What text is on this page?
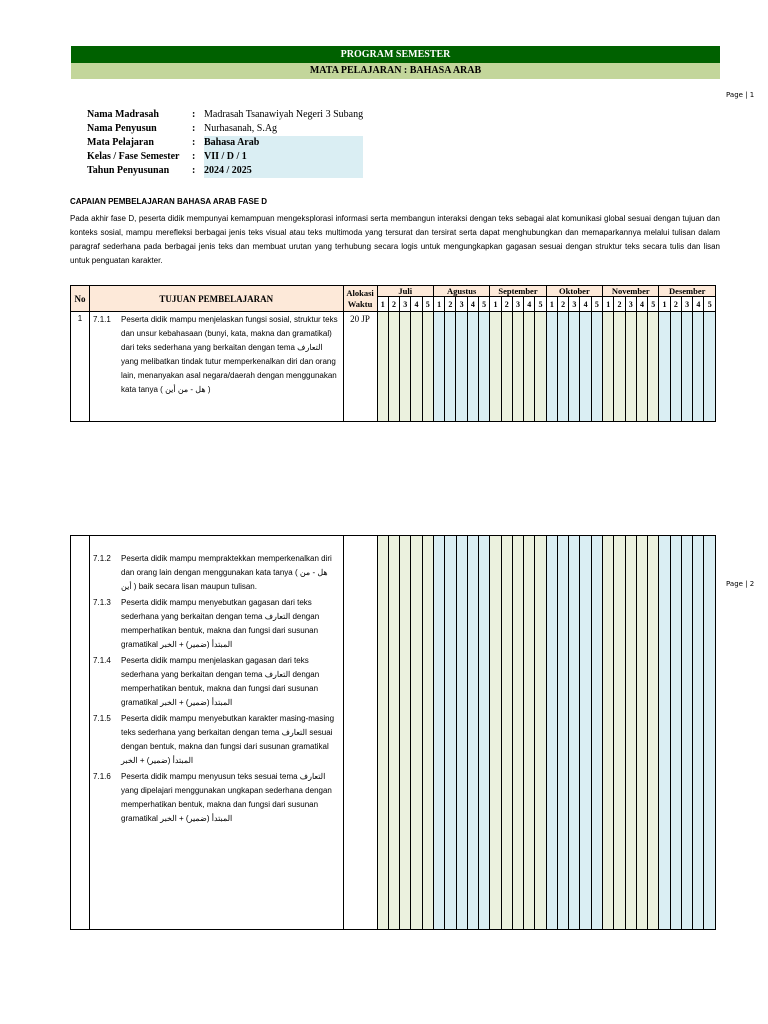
PROGRAM SEMESTER
MATA PELAJARAN : BAHASA ARAB
Page | 1
Nama Madrasah	:	Madrasah Tsanawiyah Negeri 3 Subang
Nama Penyusun	:	Nurhasanah, S.Ag
Mata Pelajaran	:	Bahasa Arab
Kelas / Fase Semester	:	VII / D / 1
Tahun Penyusunan	:	2024 / 2025
CAPAIAN PEMBELAJARAN BAHASA ARAB FASE D

Pada akhir fase D, peserta didik mempunyai kemampuan mengeksplorasi informasi serta membangun interaksi dengan teks sebagai alat komunikasi global sesuai dengan tujuan dan konteks sosial, mampu merefleksi berbagai jenis teks visual atau teks multimoda yang tersurat dan tersirat serta dapat menghubungkan dan memaparkannya melalui tulisan dalam paragraf sederhana pada berbagai jenis teks dan membuat urutan yang terhubung secara logis untuk mengungkapkan gagasan sesuai dengan struktur teks secara tulis dan lisan untuk penguatan karakter.

No	TUJUAN PEMBELAJARAN	Alokasi Waktu	Juli					Agustus					September					Oktober					November					Desember				
			1	2	3	4	5	1	2	3	4	5	1	2	3	4	5	1	2	3	4	5	1	2	3	4	5	1	2	3	4	5
1	7.1.1 Peserta didik mampu menjelaskan fungsi sosial, struktur teks dan unsur kebahasaan (bunyi, kata, makna dan gramatikal) dari teks sederhana yang berkaitan dengan tema التعارف yang melibatkan tindak tutur memperkenalkan diri dan orang lain, menanyakan asal negara/daerah dengan menggunakan kata tanya ( هل - من أين )	20 JP																														
Page | 2

7.1.2	Peserta didik mampu mempraktekkan memperkenalkan diri dan orang lain dengan menggunakan kata tanya ( هل - من أين ) baik secara lisan maupun tulisan.
7.1.3	Peserta didik mampu menyebutkan gagasan dari teks sederhana yang berkaitan dengan tema التعارف dengan memperhatikan bentuk, makna dan fungsi dari susunan gramatikal المبتدأ (ضمير) + الخبر
7.1.4	Peserta didik mampu menjelaskan gagasan dari teks sederhana yang berkaitan dengan tema التعارف dengan memperhatikan bentuk, makna dan fungsi dari susunan gramatikal المبتدأ (ضمير) + الخبر
7.1.5	Peserta didik mampu menyebutkan karakter masing-masing teks sederhana yang berkaitan dengan tema التعارف sesuai dengan bentuk, makna dan fungsi dari susunan gramatikal المبتدأ (ضمير) + الخبر
7.1.6	Peserta didik mampu menyusun teks sesuai tema التعارف yang dipelajari menggunakan ungkapan sederhana dengan memperhatikan bentuk, makna dan fungsi dari susunan gramatikal المبتدأ (ضمير) + الخبر
